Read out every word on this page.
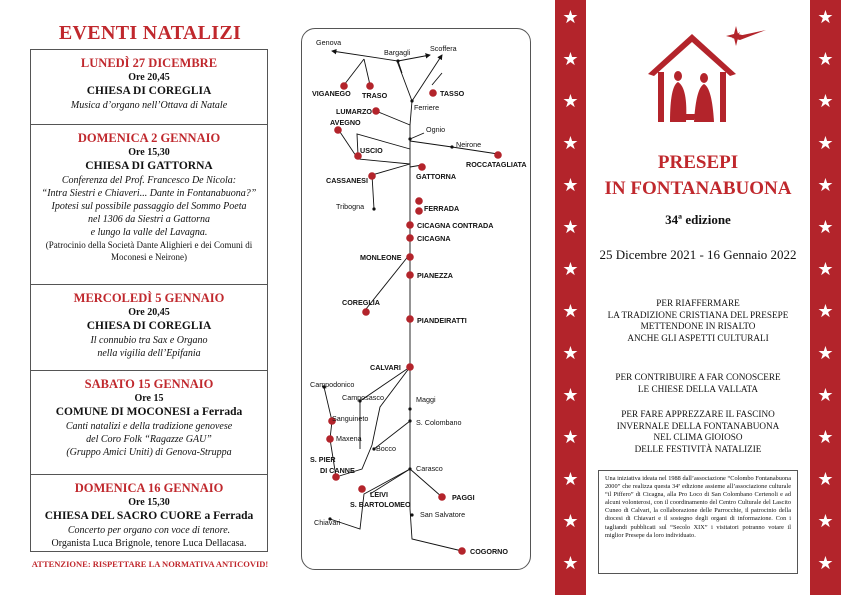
EVENTI NATALIZI
LUNEDÌ 27 DICEMBRE
Ore 20,45
CHIESA DI COREGLIA
Musica d’organo nell’Ottava di Natale
DOMENICA 2 GENNAIO
Ore 15,30
CHIESA DI GATTORNA
Conferenza del Prof. Francesco De Nicola:
“Intra Siestri e Chiaveri... Dante in Fontanabuona?”
Ipotesi sul possibile passaggio del Sommo Poeta
nel 1306 da Siestri a Gattorna
e lungo la valle del Lavagna.
(Patrocinio della Società Dante Alighieri e dei Comuni di Moconesi e Neirone)
MERCOLEDÌ 5 GENNAIO
Ore 20,45
CHIESA DI COREGLIA
Il connubio tra Sax e Organo
nella vigilia dell’Epifania
SABATO 15 GENNAIO
Ore 15
COMUNE DI MOCONESI a Ferrada
Canti natalizi e della tradizione genovese
del Coro Folk “Ragazze GAU”
(Gruppo Amici Uniti) di Genova-Struppa
DOMENICA 16 GENNAIO
Ore 15,30
CHIESA DEL SACRO CUORE a Ferrada
Concerto per organo con voce di tenore.
Organista Luca Brignole, tenore Luca Dellacasa.
ATTENZIONE: RISPETTARE LA NORMATIVA ANTICOVID!
Genova
Bargagli	Scoffera
VIGANEGO TRASO	TASSO
Ferriere
LUMARZO
Ognio
AVEGNO
Neirone
USCIO
ROCCATAGLIATA
CASSANESI	GATTORNA
Tribogna	FERRADA
CICAGNA CONTRADA
CICAGNA
MONLEONE
PIANEZZA
COREGLIA
PIANDEIRATTI
CALVARI
Campodonico
Camposasco	Maggi
Sanguineto	S. Colombano
Maxena
Bocco
S. PIER
DI CANNE	Carasco
LEIVI
S. BARTOLOMEO
PAGGI
San Salvatore
Chiavari
COGORNO
★
★
★
★
★
★
★
★
★
★
★
★
★
★
★
★
★
★
★
★
★
★
★
★
★
★
★
★
PRESEPI
IN FONTANABUONA
34ª edizione
25 Dicembre 2021 - 16 Gennaio 2022
PER RIAFFERMARE
LA TRADIZIONE CRISTIANA DEL PRESEPE
METTENDONE IN RISALTO
ANCHE GLI ASPETTI CULTURALI
PER CONTRIBUIRE A FAR CONOSCERE
LE CHIESE DELLA VALLATA
PER FARE APPREZZARE IL FASCINO
INVERNALE DELLA FONTANABUONA
NEL CLIMA GIOIOSO
DELLE FESTIVITÀ NATALIZIE
Una iniziativa ideata nel 1988 dall’associazione “Colombo Fontanabuona 2000” che realizza questa 34ª edizione assieme all’associazione culturale “il Piffero” di Cicagna, alla Pro Loco di San Colombano Certenoli e ad alcuni volonterosi, con il coordinamento del Centro Culturale del Lascito Cuneo di Calvari, la collaborazione delle Parrocchie, il patrocinio della diocesi di Chiavari e il sostegno degli organi di informazione. Con i tagliandi pubblicati sul “Secolo XIX” i visitatori potranno votare il miglior Presepe da loro individuato.
